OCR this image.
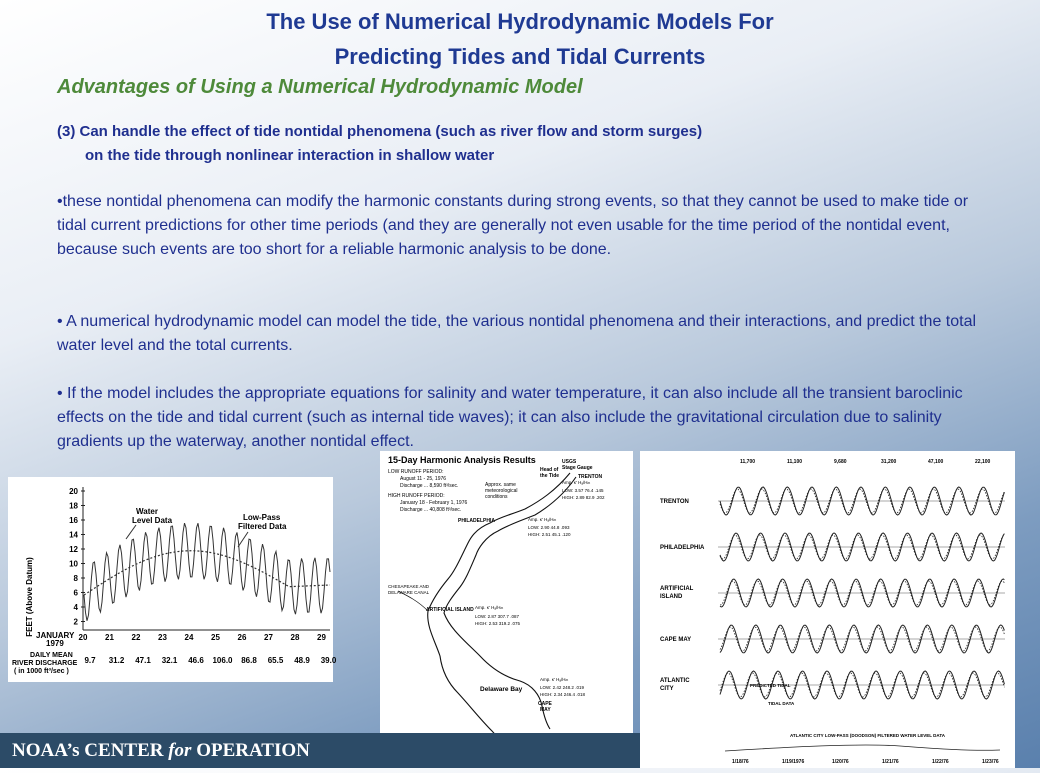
The Use of Numerical Hydrodynamic Models For
Predicting Tides and Tidal Currents
Advantages of Using a Numerical Hydrodynamic Model
(3) Can handle the effect of tide nontidal phenomena (such as river flow and storm surges)
on the tide through nonlinear interaction in shallow water
•these nontidal phenomena can modify the harmonic constants during strong events, so that they cannot be used to make tide or tidal current predictions for other time periods (and they are generally not even usable for the time period of the nontidal event, because such events are too short for a reliable harmonic analysis to be done.
• A numerical hydrodynamic model can model the tide, the various nontidal phenomena and their interactions, and predict the total water level and the total currents.
• If the model includes the appropriate equations for salinity and water temperature, it can also include all the transient baroclinic effects on the tide and tidal current (such as internal tide waves); it can also include the gravitational circulation due to salinity gradients up the waterway, another nontidal effect.
FEET (Above Datum)
20
18
16
14
12
10
8
6
4
2
Water
Level Data	Low-Pass
Filtered Data
JANUARY
1979
20 21 22 23 24 25 26 27 28 29
DAILY MEAN
RIVER DISCHARGE
( in 1000 ft³/sec )
9.7 31.2 47.1 32.1 46.6 106.0 86.8 65.5 48.9 39.0
15-Day Harmonic Analysis Results
LOW RUNOFF PERIOD:
August 11 - 25, 1976
Discharge ... 8,590 ft³/sec.
HIGH RUNOFF PERIOD:
January 18 - February 1, 1976
Discharge ... 40,808 ft³/sec.
Approx. same
meteorological
conditions
USGS
Stage Gauge
Head of
the Tide	TRENTON
Amp. κ' Hₐ/Hₘ
LOW: 3.57 76.4 .145
HIGH: 2.89 82.9 .202
PHILADELPHIA	Amp. κ' Hₐ/Hₘ
LOW: 2.90 44.8 .093
HIGH: 2.51 45.1 .120
CHESAPEAKE AND
DELAWARE CANAL
ARTIFICIAL ISLAND Amp. κ' Hₐ/Hₘ
LOW: 2.87 307.7 .087
HIGH: 2.53 319.2 .075
Delaware Bay
Amp. κ' Hₐ/Hₘ
LOW: 2.42 248.2 .019
HIGH: 2.34 246.4 .018
CAPE
MAY
11,700	11,100	9,680	31,200	47,100	22,100
TRENTON
PHILADELPHIA
ARTIFICIAL
ISLAND
CAPE MAY
ATLANTIC
CITY
PREDICTED TIDAL
TIDAL DATA
ATLANTIC CITY LOW-PASS (DOODSON) FILTERED WATER LEVEL DATA
1/18/76	1/19/1976	1/20/76	1/21/76	1/22/76	1/23/76
NOAA’s CENTER for OPERATION
